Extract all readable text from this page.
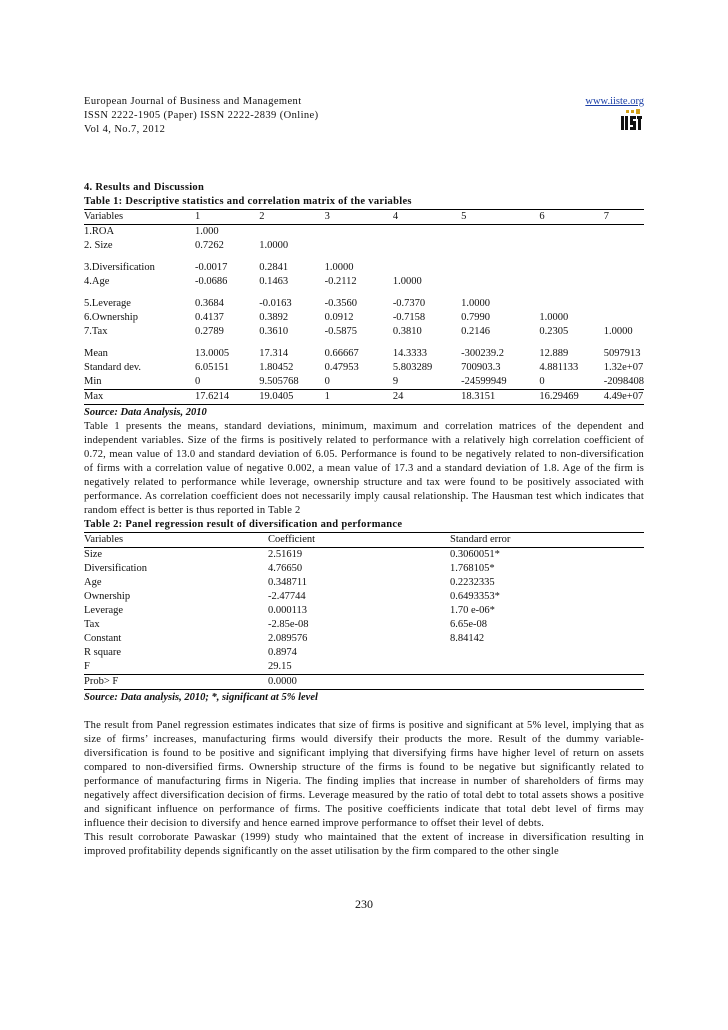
European Journal of Business and Management
ISSN 2222-1905 (Paper) ISSN 2222-2839 (Online)
Vol 4, No.7, 2012
www.iiste.org
4. Results and Discussion
Table 1: Descriptive statistics and correlation matrix of the variables
Variables	1	2	3	4	5	6	7
1.ROA	1.000						
2. Size	0.7262	1.0000					

3.Diversification	-0.0017	0.2841	1.0000				
4.Age	-0.0686	0.1463	-0.2112	1.0000			

5.Leverage	0.3684	-0.0163	-0.3560	-0.7370	1.0000		
6.Ownership	0.4137	0.3892	0.0912	-0.7158	0.7990	1.0000	
7.Tax	0.2789	0.3610	-0.5875	0.3810	0.2146	0.2305	1.0000

Mean	13.0005	17.314	0.66667	14.3333	-300239.2	12.889	5097913
Standard dev.	6.05151	1.80452	0.47953	5.803289	700903.3	4.881133	1.32e+07
Min	0	9.505768	0	9	-24599949	0	-2098408
Max	17.6214	19.0405	1	24	18.3151	16.29469	4.49e+07
Source: Data Analysis, 2010
Table 1 presents the means, standard deviations, minimum, maximum and correlation matrices of the dependent and independent variables. Size of the firms is positively related to performance with a relatively high correlation coefficient of 0.72, mean value of 13.0 and standard deviation of 6.05. Performance is found to be negatively related to non-diversification of firms with a correlation value of negative 0.002, a mean value of 17.3 and a standard deviation of 1.8. Age of the firm is negatively related to performance while leverage, ownership structure and tax were found to be positively associated with performance. As correlation coefficient does not necessarily imply causal relationship. The Hausman test which indicates that random effect is better is thus reported in Table 2
Table 2: Panel regression result of diversification and performance
Variables	Coefficient	Standard error
Size	2.51619	0.3060051*
Diversification	4.76650	1.768105*
Age	0.348711	0.2232335
Ownership	-2.47744	0.6493353*
Leverage	0.000113	1.70 e-06*
Tax	-2.85e-08	6.65e-08
Constant	2.089576	8.84142
R square	0.8974	
F	29.15	
Prob> F	0.0000	
Source: Data analysis, 2010; *, significant at 5% level
The result from Panel regression estimates indicates that size of firms is positive and significant at 5% level, implying that as size of firms’ increases, manufacturing firms would diversify their products the more. Result of the dummy variable-diversification is found to be positive and significant implying that diversifying firms have higher level of return on assets compared to non-diversified firms. Ownership structure of the firms is found to be negative but significantly related to performance of manufacturing firms in Nigeria. The finding implies that increase in number of shareholders of firms may negatively affect diversification decision of firms. Leverage measured by the ratio of total debt to total assets shows a positive and significant influence on performance of firms. The positive coefficients indicate that total debt level of firms may influence their decision to diversify and hence earned improve performance to offset their level of debts.
This result corroborate Pawaskar (1999) study who maintained that the extent of increase in diversification resulting in improved profitability depends significantly on the asset utilisation by the firm compared to the other single
230
